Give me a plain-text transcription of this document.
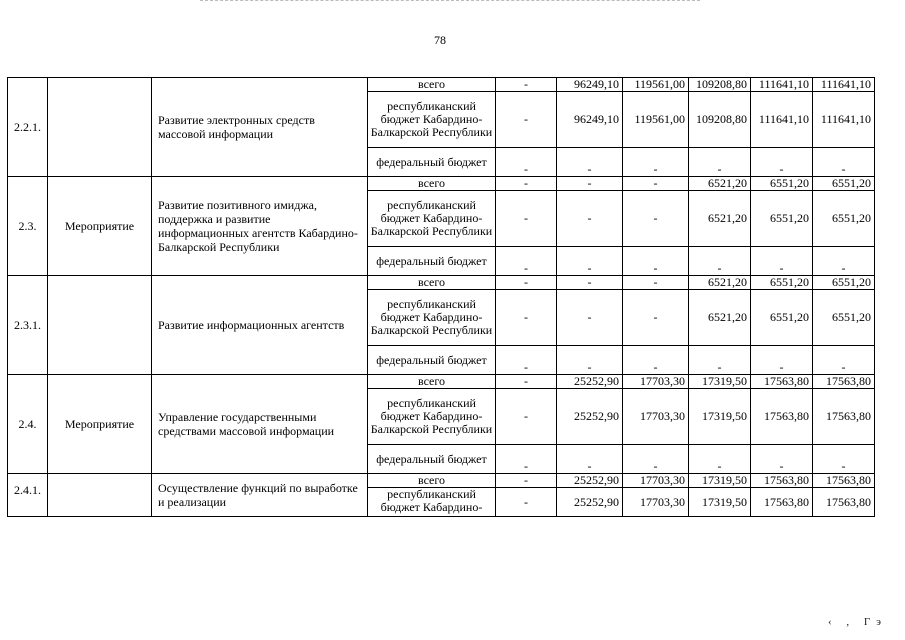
78
2.2.1.		Развитие электронных средств массовой информации	всего	-	96249,10	119561,00	109208,80	111641,10	111641,10
			республиканский бюджет Кабардино-Балкарской Республики	-	96249,10	119561,00	109208,80	111641,10	111641,10
			федеральный бюджет	-	-	-	-	-	-
2.3.	Мероприятие	Развитие позитивного имиджа, поддержка и развитие информационных агентств Кабардино-Балкарской Республики	всего	-	-	-	6521,20	6551,20	6551,20
			республиканский бюджет Кабардино-Балкарской Республики	-	-	-	6521,20	6551,20	6551,20
			федеральный бюджет	-	-	-	-	-	-
2.3.1.		Развитие информационных агентств	всего	-	-	-	6521,20	6551,20	6551,20
			республиканский бюджет Кабардино-Балкарской Республики	-	-	-	6521,20	6551,20	6551,20
			федеральный бюджет	-	-	-	-	-	-
2.4.	Мероприятие	Управление государственными средствами массовой информации	всего	-	25252,90	17703,30	17319,50	17563,80	17563,80
			республиканский бюджет Кабардино-Балкарской Республики	-	25252,90	17703,30	17319,50	17563,80	17563,80
			федеральный бюджет	-	-	-	-	-	-
2.4.1.		Осуществление функций по выработке и реализации	всего	-	25252,90	17703,30	17319,50	17563,80	17563,80
			республиканский бюджет Кабардино-	-	25252,90	17703,30	17319,50	17563,80	17563,80
‹ , Гэ
